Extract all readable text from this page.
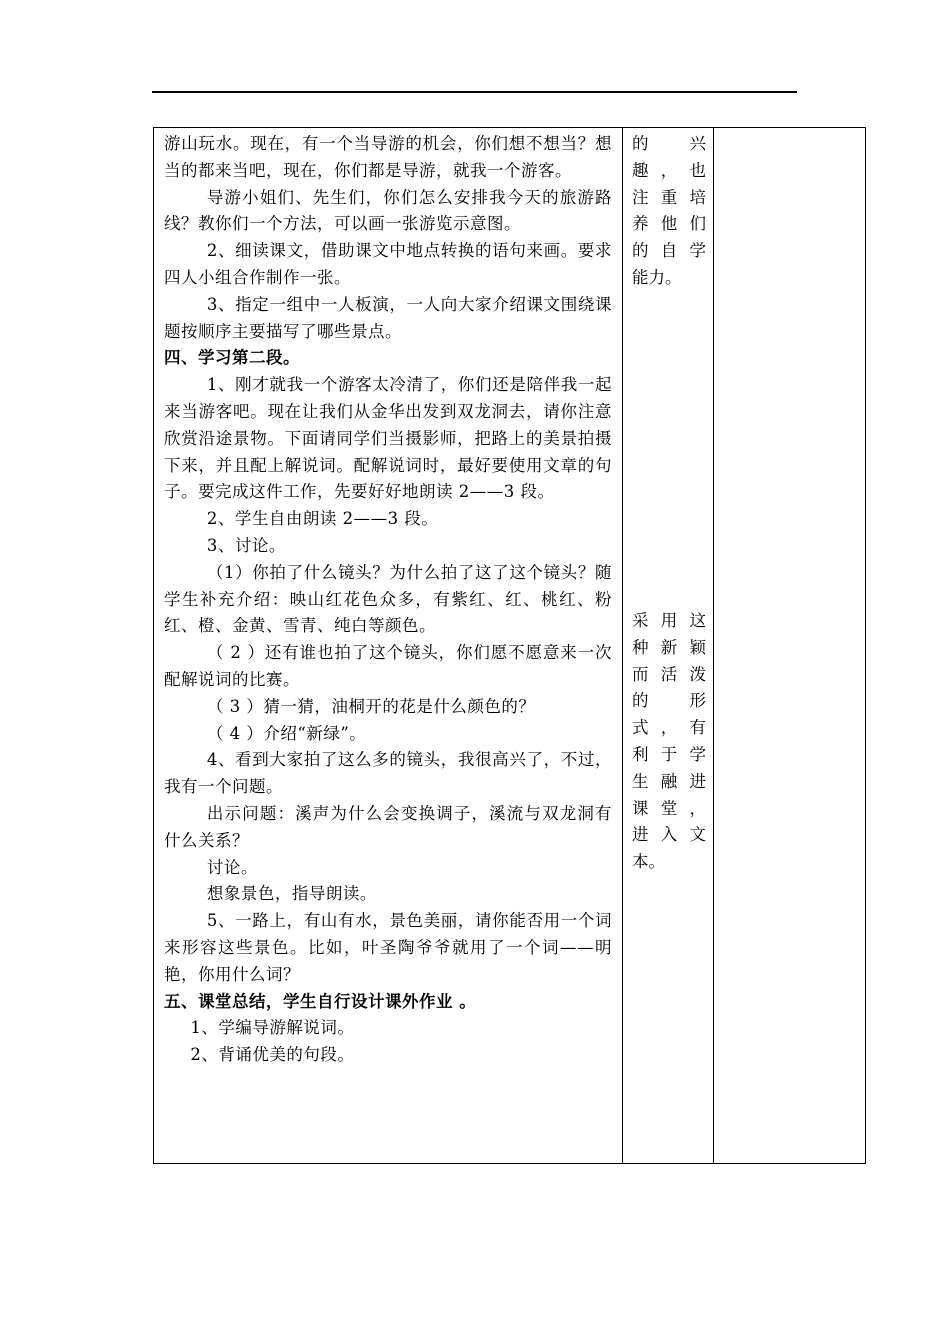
游山玩水。现在，有一个当导游的机会，你们想不想当？想当的都来当吧，现在，你们都是导游，就我一个游客。

导游小姐们、先生们，你们怎么安排我今天的旅游路线？教你们一个方法，可以画一张游览示意图。

2、细读课文，借助课文中地点转换的语句来画。要求四人小组合作制作一张。

3、指定一组中一人板演，一人向大家介绍课文围绕课题按顺序主要描写了哪些景点。

四、学习第二段。

1、刚才就我一个游客太冷清了，你们还是陪伴我一起来当游客吧。现在让我们从金华出发到双龙洞去，请你注意欣赏沿途景物。下面请同学们当摄影师，把路上的美景拍摄下来，并且配上解说词。配解说词时，最好要使用文章的句子。要完成这件工作，先要好好地朗读 2——3 段。

2、学生自由朗读 2——3 段。

3、讨论。

（1）你拍了什么镜头？为什么拍了这了这个镜头？随学生补充介绍：映山红花色众多，有紫红、红、桃红、粉红、橙、金黄、雪青、纯白等颜色。

（ 2 ）还有谁也拍了这个镜头，你们愿不愿意来一次配解说词的比赛。

（ 3 ）猜一猜，油桐开的花是什么颜色的？

（ 4 ）介绍“新绿”。

4、看到大家拍了这么多的镜头，我很高兴了，不过，我有一个问题。

出示问题：溪声为什么会变换调子，溪流与双龙洞有什么关系？

讨论。

想象景色，指导朗读。

5、一路上，有山有水，景色美丽，请你能否用一个词来形容这些景色。比如，叶圣陶爷爷就用了一个词——明艳，你用什么词？

五、课堂总结，学生自行设计课外作业 。

1、学编导游解说词。

2、背诵优美的句段。

的　兴
趣，也
注重培
养他们
的自学
能力。
采用这
种新颖
而活泼
的　形
式，有
利于学
生融进
课堂，
进入文
本。
